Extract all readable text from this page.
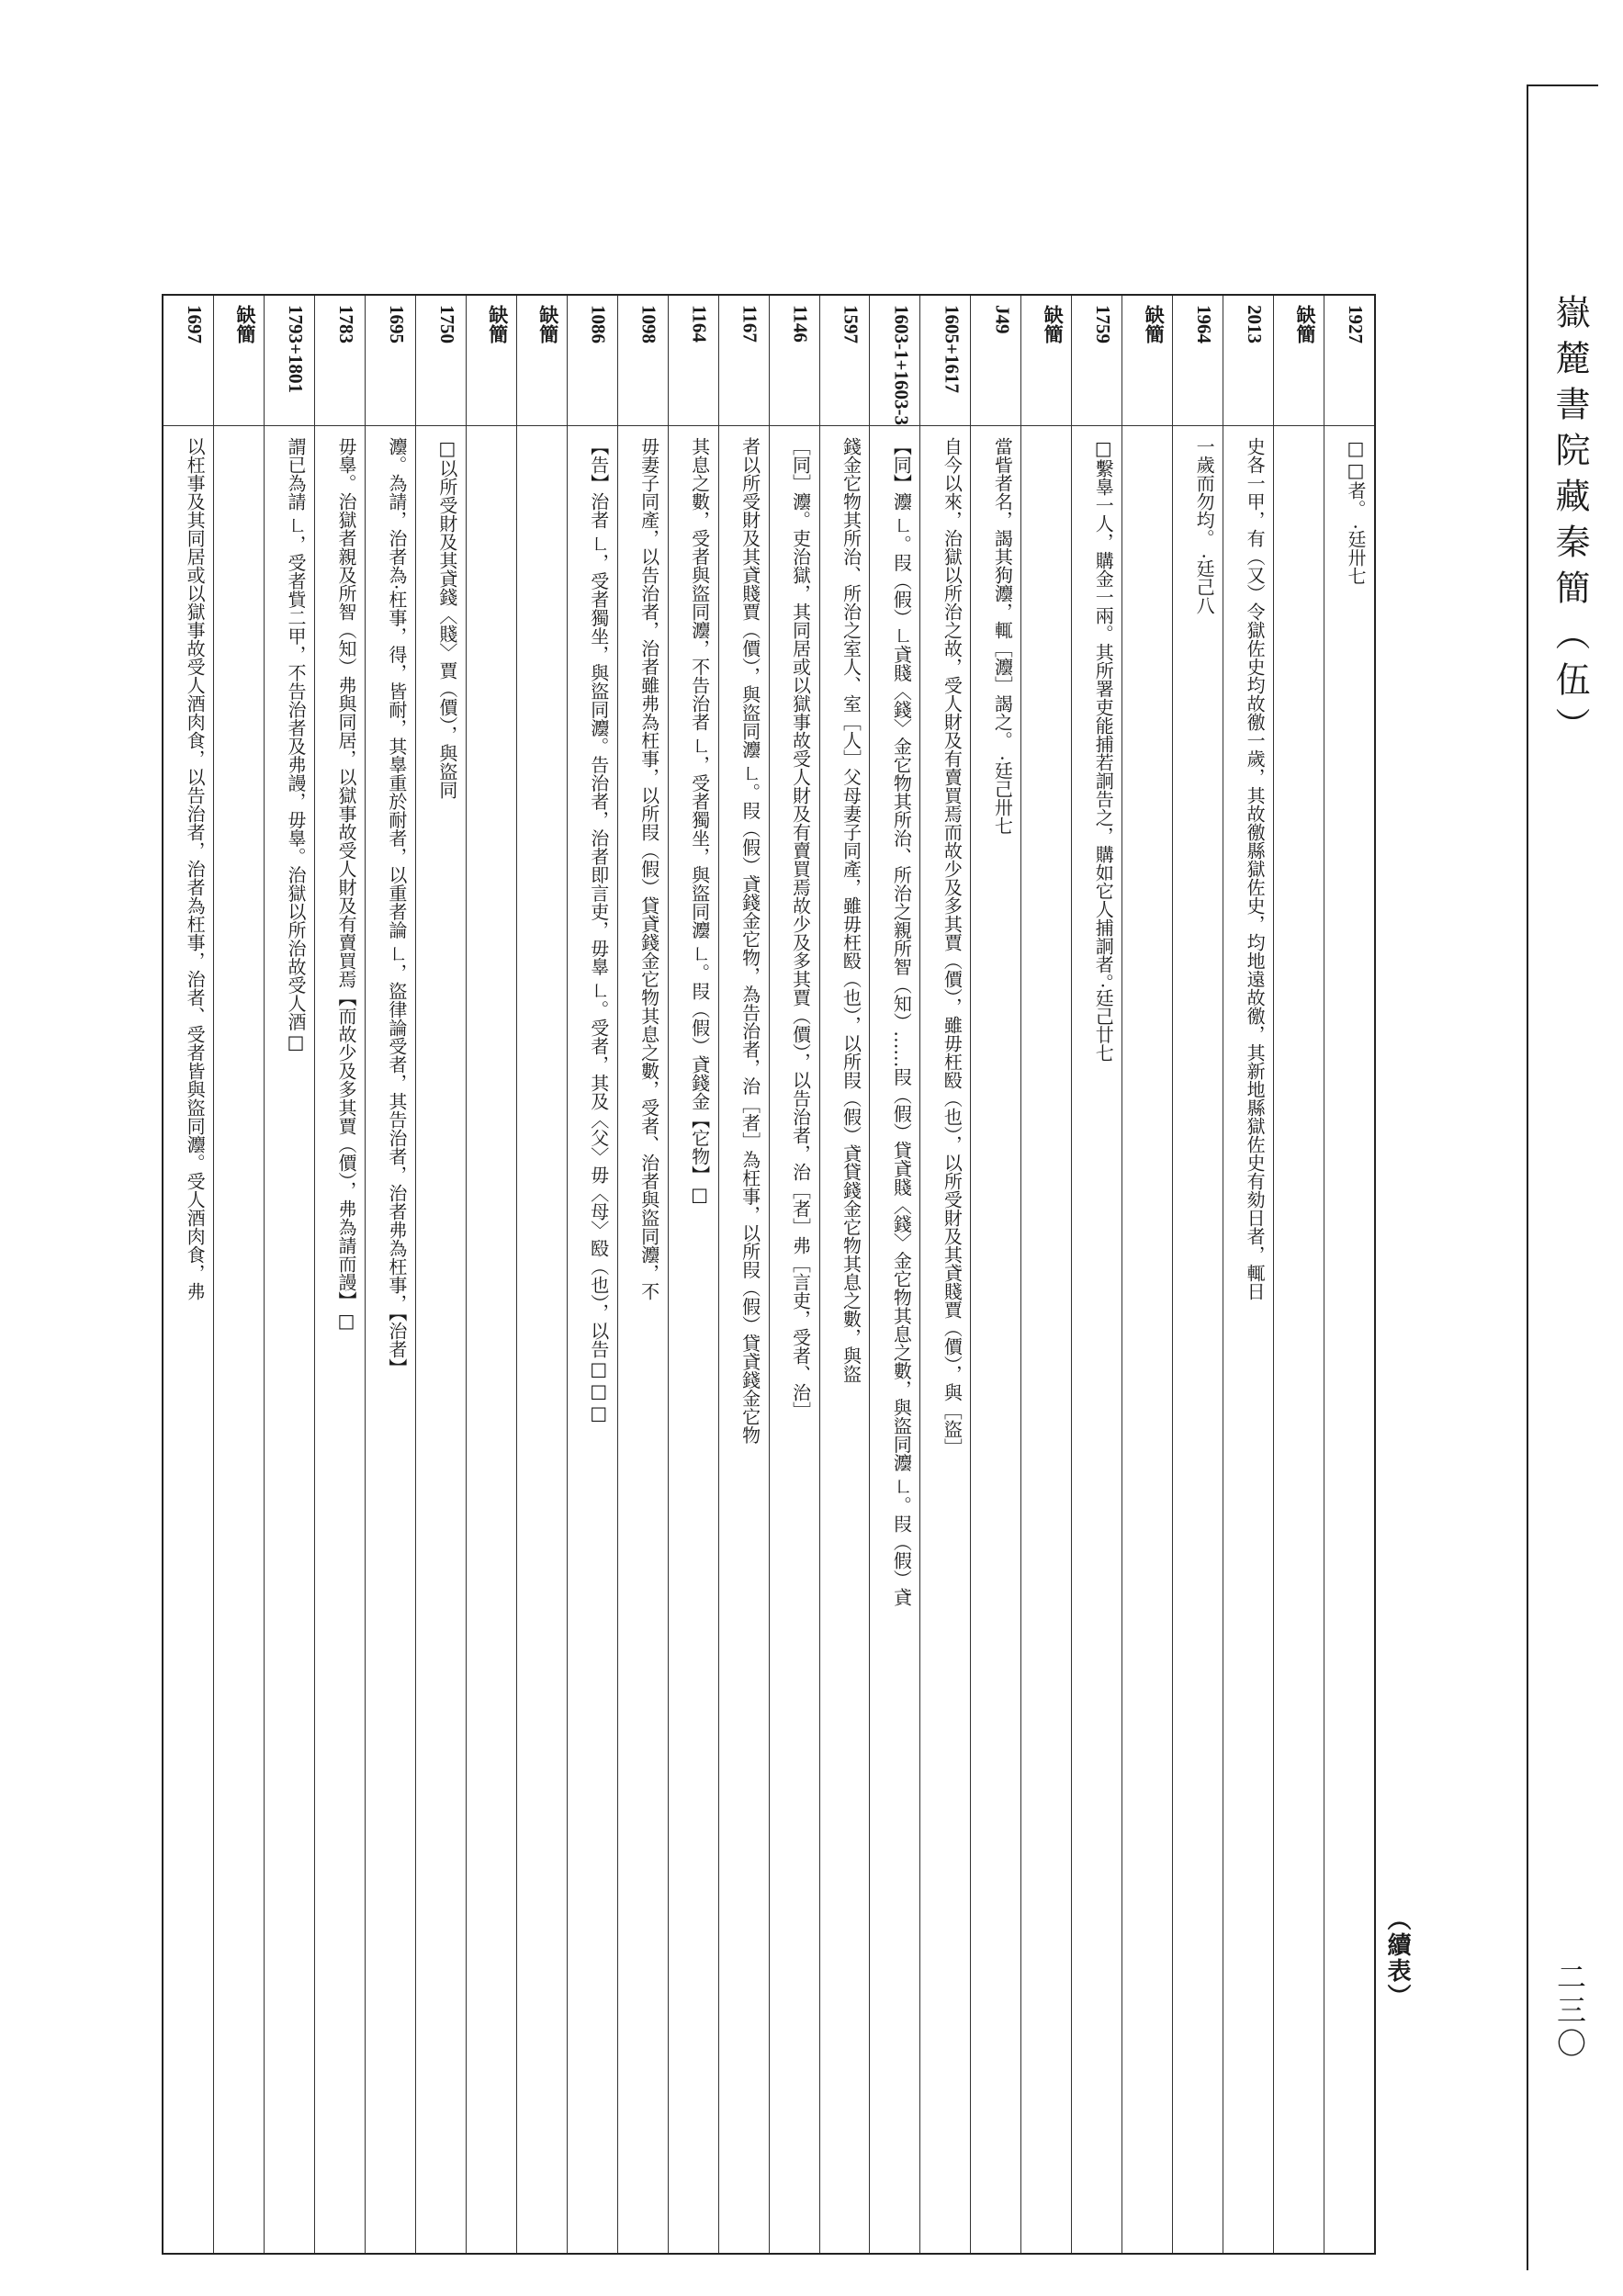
嶽麓書院藏秦簡（伍）
二三〇
（續表）
1927
□□者。 ·廷卅七
缺簡
2013
史各一甲，有（又）令獄佐史均故徼一歲，其故徼縣獄佐史，均地遠故徼，其新地縣獄佐史有劾日者，輒日
1964
一歲而勿均。 ·廷己八
缺簡
1759
□繫辠一人，購金一兩。其所署吏能捕若詗告之，購如它人捕詗者。·廷己廿七
缺簡
J49
當眥者名，謁其狗灋，輒［灋］謁之。 ·廷己卅七
1605+1617
自今以來，治獄以所治之故，受人財及有賣買焉而故少及多其賈（價），雖毋枉殹（也），以所受財及其貣賤賈（價），與［盜］
1603-1+1603-3
【同】灋 ㇗。叚（假）㇗貣賤〈錢〉金它物其所治、所治之親所智（知）……叚（假）貸貣賤〈錢〉金它物其息之數，與盜同灋 ㇗。叚（假）貣
1597
錢金它物其所治、所治之室人、室［人］父母妻子同產，雖毋枉殹（也），以所叚（假）貣貸錢金它物其息之數，與盜
1146
［同］灋。吏治獄，其同居或以獄事故受人財及有賣買焉故少及多其賈（價），以告治者，治［者］弗［言吏，受者、治］
1167
者以所受財及其貣賤賈（價），與盜同灋 ㇗。叚（假）貣錢金它物，為告治者，治［者］為枉事，以所叚（假）貸貣錢金它物
1164
其息之數，受者與盜同灋，不告治者 ㇗，受者獨坐，與盜同灋 ㇗。叚（假）貣錢金【它物】□
1098
毋妻子同產，以告治者，治者雖弗為枉事，以所叚（假）貸貣錢金它物其息之數，受者、治者與盜同灋，不
1086
【告】治者 ㇗，受者獨坐，與盜同灋。告治者，治者即言吏，毋辠 ㇗。受者，其及〈父〉毋〈母〉殹（也），以告□□□
缺簡
缺簡
1750
□以所受財及其貣錢〈賤〉賈（價），與盜同
1695
灋。為請，治者為·枉事，得，皆耐，其辠重於耐者，以重者論 ㇗，盜律論受者，其告治者，治者弗為枉事，【治者】
1783
毋辠。治獄者親及所智（知）弗與同居，以獄事故受人財及有賣買焉【而故少及多其賈（價），弗為請而謾】□
1793+1801
謂已為請 ㇗，受者貲二甲，不告治者及弗謾，毋辠。治獄以所治故受人酒□
缺簡
1697
以枉事及其同居或以獄事故受人酒肉食，以告治者，治者為枉事，治者、受者皆與盜同灋。受人酒肉食，弗
